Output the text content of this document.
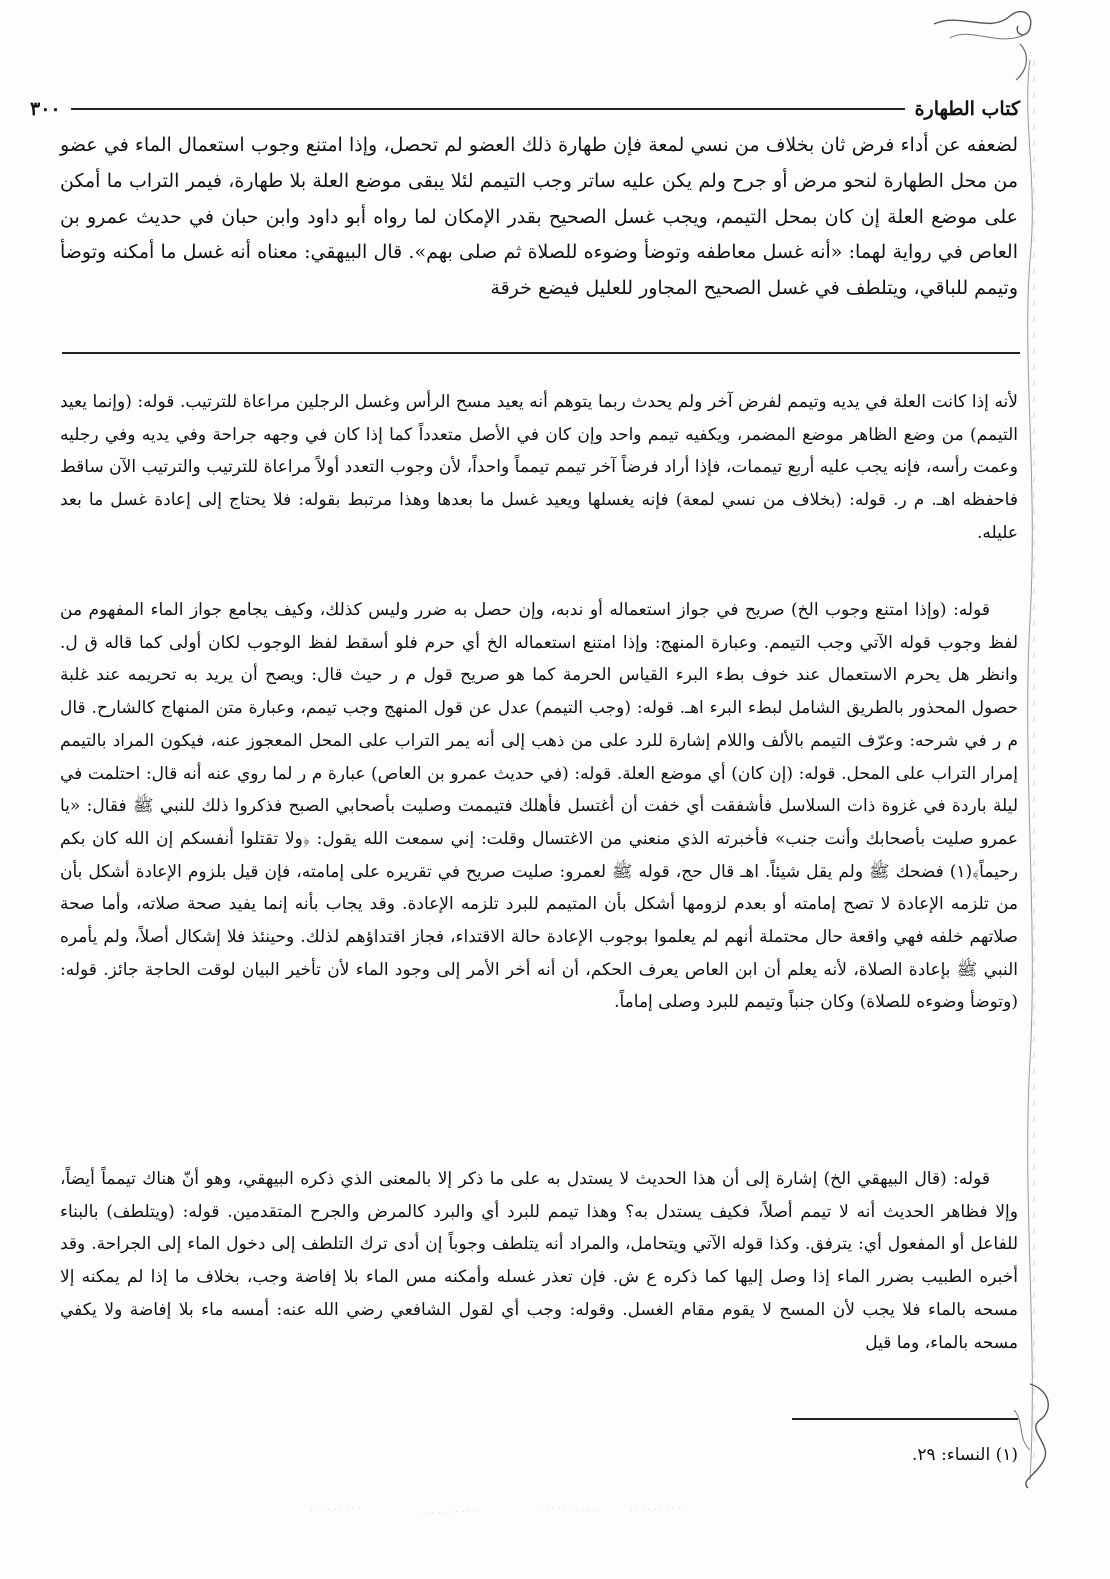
كتاب الطهارة
٣٠٠

لضعفه عن أداء فرض ثان بخلاف من نسي لمعة فإن طهارة ذلك العضو لم تحصل، وإذا امتنع وجوب استعمال الماء في عضو من محل الطهارة لنحو مرض أو جرح ولم يكن عليه ساتر وجب التيمم لئلا يبقى موضع العلة بلا طهارة، فيمر التراب ما أمكن على موضع العلة إن كان بمحل التيمم، ويجب غسل الصحيح بقدر الإمكان لما رواه أبو داود وابن حبان في حديث عمرو بن العاص في رواية لهما: «أنه غسل معاطفه وتوضأ وضوءه للصلاة ثم صلى بهم». قال البيهقي: معناه أنه غسل ما أمكنه وتوضأ وتيمم للباقي، ويتلطف في غسل الصحيح المجاور للعليل فيضع خرقة

لأنه إذا كانت العلة في يديه وتيمم لفرض آخر ولم يحدث ربما يتوهم أنه يعيد مسح الرأس وغسل الرجلين مراعاة للترتيب. قوله: (وإنما يعيد التيمم) من وضع الظاهر موضع المضمر، ويكفيه تيمم واحد وإن كان في الأصل متعدداً كما إذا كان في وجهه جراحة وفي يديه وفي رجليه وعمت رأسه، فإنه يجب عليه أربع تيممات، فإذا أراد فرضاً آخر تيمم تيمماً واحداً، لأن وجوب التعدد أولاً مراعاة للترتيب والترتيب الآن ساقط فاحفظه اهـ. م ر. قوله: (بخلاف من نسي لمعة) فإنه يغسلها ويعيد غسل ما بعدها وهذا مرتبط بقوله: فلا يحتاج إلى إعادة غسل ما بعد عليله.

قوله: (وإذا امتنع وجوب الخ) صريح في جواز استعماله أو ندبه، وإن حصل به ضرر وليس كذلك، وكيف يجامع جواز الماء المفهوم من لفظ وجوب قوله الآتي وجب التيمم. وعبارة المنهج: وإذا امتنع استعماله الخ أي حرم فلو أسقط لفظ الوجوب لكان أولى كما قاله ق ل. وانظر هل يحرم الاستعمال عند خوف بطء البرء القياس الحرمة كما هو صريح قول م ر حيث قال: ويصح أن يريد به تحريمه عند غلبة حصول المحذور بالطريق الشامل لبطء البرء اهـ. قوله: (وجب التيمم) عدل عن قول المنهج وجب تيمم، وعبارة متن المنهاج كالشارح. قال م ر في شرحه: وعرّف التيمم بالألف واللام إشارة للرد على من ذهب إلى أنه يمر التراب على المحل المعجوز عنه، فيكون المراد بالتيمم إمرار التراب على المحل. قوله: (إن كان) أي موضع العلة. قوله: (في حديث عمرو بن العاص) عبارة م ر لما روي عنه أنه قال: احتلمت في ليلة باردة في غزوة ذات السلاسل فأشفقت أي خفت أن أغتسل فأهلك فتيممت وصليت بأصحابي الصبح فذكروا ذلك للنبي ﷺ فقال: «يا عمرو صليت بأصحابك وأنت جنب» فأخبرته الذي منعني من الاغتسال وقلت: إني سمعت الله يقول: ﴿ولا تقتلوا أنفسكم إن الله كان بكم رحيماً﴾(١) فضحك ﷺ ولم يقل شيئاً. اهـ قال حج، قوله ﷺ لعمرو: صليت صريح في تقريره على إمامته، فإن قيل بلزوم الإعادة أشكل بأن من تلزمه الإعادة لا تصح إمامته أو بعدم لزومها أشكل بأن المتيمم للبرد تلزمه الإعادة. وقد يجاب بأنه إنما يفيد صحة صلاته، وأما صحة صلاتهم خلفه فهي واقعة حال محتملة أنهم لم يعلموا بوجوب الإعادة حالة الاقتداء، فجاز اقتداؤهم لذلك. وحينئذ فلا إشكال أصلاً، ولم يأمره النبي ﷺ بإعادة الصلاة، لأنه يعلم أن ابن العاص يعرف الحكم، أن أنه أخر الأمر إلى وجود الماء لأن تأخير البيان لوقت الحاجة جائز. قوله: (وتوضأ وضوءه للصلاة) وكان جنباً وتيمم للبرد وصلى إماماً.

قوله: (قال البيهقي الخ) إشارة إلى أن هذا الحديث لا يستدل به على ما ذكر إلا بالمعنى الذي ذكره البيهقي، وهو أنّ هناك تيمماً أيضاً، وإلا فظاهر الحديث أنه لا تيمم أصلاً، فكيف يستدل به؟ وهذا تيمم للبرد أي والبرد كالمرض والجرح المتقدمين. قوله: (ويتلطف) بالبناء للفاعل أو المفعول أي: يترفق. وكذا قوله الآتي ويتحامل، والمراد أنه يتلطف وجوباً إن أدى ترك التلطف إلى دخول الماء إلى الجراحة. وقد أخبره الطبيب بضرر الماء إذا وصل إليها كما ذكره ع ش. فإن تعذر غسله وأمكنه مس الماء بلا إفاضة وجب، بخلاف ما إذا لم يمكنه إلا مسحه بالماء فلا يجب لأن المسح لا يقوم مقام الغسل. وقوله: وجب أي لقول الشافعي رضي الله عنه: أمسه ماء بلا إفاضة ولا يكفي مسحه بالماء، وما قيل

(١) النساء: ٢٩.
